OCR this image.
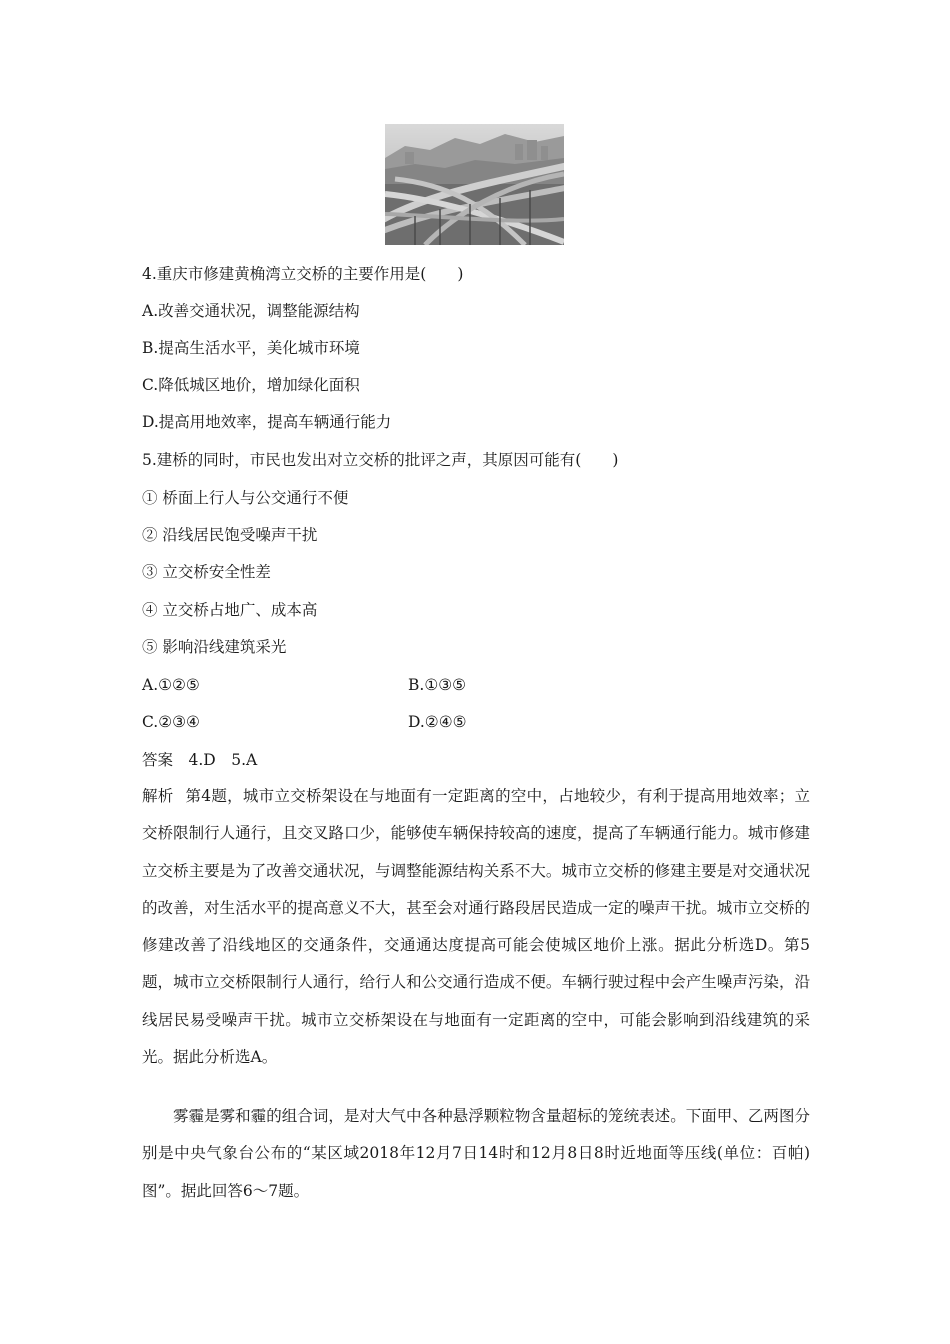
4.重庆市修建黄桷湾立交桥的主要作用是(　　)
A.改善交通状况，调整能源结构
B.提高生活水平，美化城市环境
C.降低城区地价，增加绿化面积
D.提高用地效率，提高车辆通行能力
5.建桥的同时，市民也发出对立交桥的批评之声，其原因可能有(　　)
① 桥面上行人与公交通行不便
② 沿线居民饱受噪声干扰
③ 立交桥安全性差
④ 立交桥占地广、成本高
⑤ 影响沿线建筑采光
A.①②⑤	B.①③⑤
C.②③④	D.②④⑤
答案　4.D　5.A
解析 第4题，城市立交桥架设在与地面有一定距离的空中，占地较少，有利于提高用地效率；立交桥限制行人通行，且交叉路口少，能够使车辆保持较高的速度，提高了车辆通行能力。城市修建立交桥主要是为了改善交通状况，与调整能源结构关系不大。城市立交桥的修建主要是对交通状况的改善，对生活水平的提高意义不大，甚至会对通行路段居民造成一定的噪声干扰。城市立交桥的修建改善了沿线地区的交通条件，交通通达度提高可能会使城区地价上涨。据此分析选D。第5题，城市立交桥限制行人通行，给行人和公交通行造成不便。车辆行驶过程中会产生噪声污染，沿线居民易受噪声干扰。城市立交桥架设在与地面有一定距离的空中，可能会影响到沿线建筑的采光。据此分析选A。
雾霾是雾和霾的组合词，是对大气中各种悬浮颗粒物含量超标的笼统表述。下面甲、乙两图分别是中央气象台公布的“某区域2018年12月7日14时和12月8日8时近地面等压线(单位：百帕)图”。据此回答6～7题。
